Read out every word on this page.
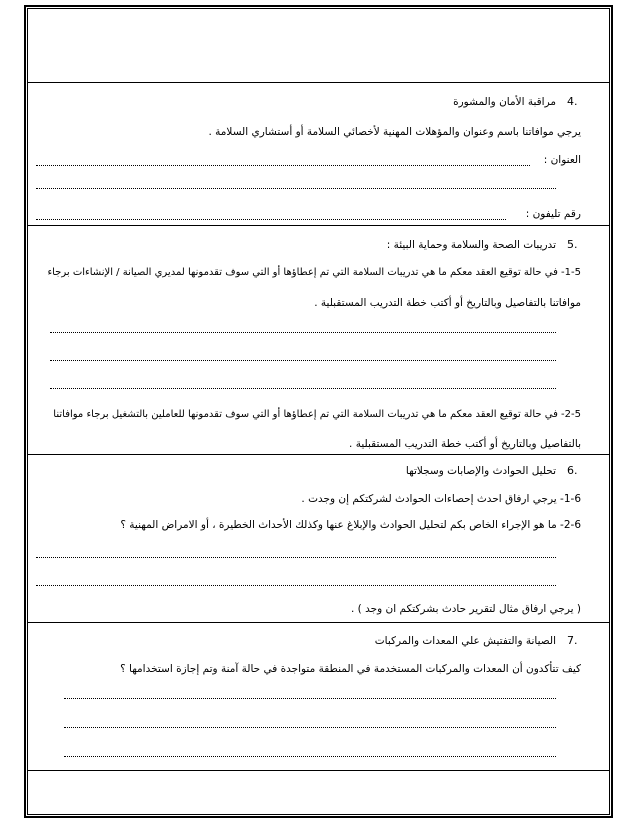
4.
مراقبة الأمان والمشورة
يرجي موافاتنا باسم وعنوان والمؤهلات المهنية لأخصائي السلامة أو أستشاري السلامة .
العنوان :
رقم تليفون :
5.
تدريبات الصحة والسلامة وحماية البيئة :
1-5- في حالة توقيع العقد معكم ما هي تدريبات السلامة التي تم إعطاؤها أو التي سوف تقدمونها لمديري الصيانة / الإنشاءات برجاء
موافاتنا بالتفاصيل وبالتاريخ أو أكتب خطة التدريب المستقبلية .
2-5- في حالة توقيع العقد معكم ما هي تدريبات السلامة التي تم إعطاؤها أو التي سوف تقدمونها للعاملين بالتشغيل برجاء موافاتنا
بالتفاصيل وبالتاريخ أو أكتب خطة التدريب المستقبلية .
6.
تحليل الحوادث والإصابات وسجلاتها
1-6- يرجي ارفاق احدث إحصاءات الحوادث لشركتكم إن وجدت .
2-6- ما هو الإجراء الخاص بكم لتحليل الحوادث والإبلاغ عنها وكذلك الأحداث الخطيرة ، أو الامراض المهنية ؟
( يرجي ارفاق مثال لتقرير حادث بشركتكم ان وجد ) .
7.
الصيانة والتفتيش علي المعدات والمركبات
كيف تتأكدون أن المعدات والمركبات المستخدمة في المنطقة متواجدة في حالة آمنة وتم إجازة استخدامها ؟
